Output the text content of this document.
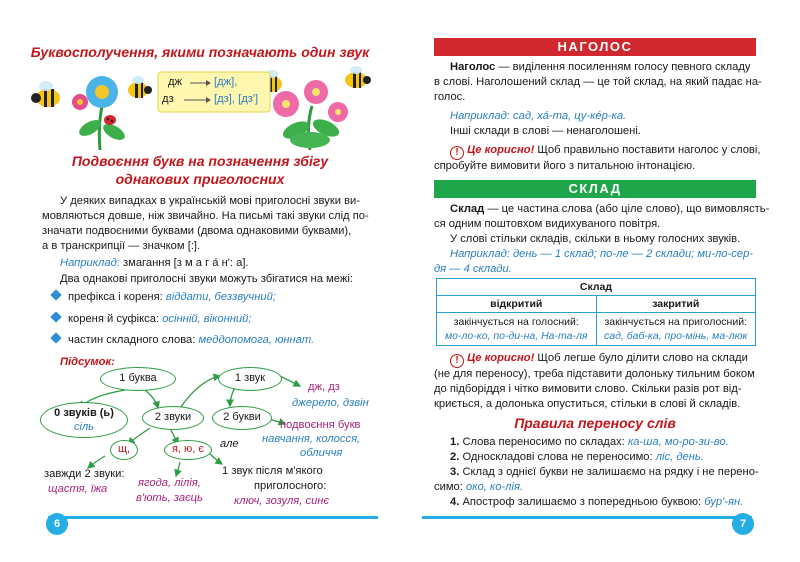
Буквосполучення, якими позначають один звук
дж	[дж],
дз	[дз], [дз']
Подвоєння букв на позначення збігу
однакових приголосних
У деяких випадках в українській мові приголосні звуки ви-
мовляються довше, ніж звичайно. На письмі такі звуки слід по-
значати подвоєними буквами (двома однаковими буквами),
а в транскрипції — значком [:].
Наприклад: змагання [з м а г а́ н': а].
Два однакові приголосні звуки можуть збігатися на межі:
префікса і кореня: віддати, беззвучний;
кореня й суфікса: осінній, віконний;
частин складного слова: меддопомога, юннат.
Підсумок:
1 буква	1 звук
дж, дз
джерело, дзвін
0 звуків (ь)
сіль
2 звуки	2 букви
подвоєння букв
навчання, колосся,
обличчя
щ,	я, ю, є	але
завжди 2 звуки:
щастя, їжа	ягода, лілія,
в'ють, заєць
1 звук після м'якого
приголосного:
ключ, зозуля, синє
6
НАГОЛОС
Наголос — виділення посиленням голосу певного складу
в слові. Наголошений склад — це той склад, на який падає на-
голос.
Наприклад: сад, ха́-та, цу-кéр-ка.
Інші склади в слові — ненаголошені.
! Це корисно! Щоб правильно поставити наголос у слові,
спробуйте вимовити його з питальною інтонацією.
СКЛАД
Склад — це частина слова (або ціле слово), що вимовлясть-
ся одним поштовхом видихуваного повітря.
У слові стільки складів, скільки в ньому голосних звуків.
Наприклад: день — 1 склад; по-ле — 2 склади; ми-ло-сер-
дя — 4 склади.
Склад	
відкритий	закритий
закінчується на голосний:
мо-ло-ко, по-ди-на, На-та-ля	закінчується на приголосний:
сад, баб-ка, про-мінь, ма-люк
! Це корисно! Щоб легше було ділити слово на склади
(не для переносу), треба підставити долоньку тильним боком
до підборіддя і чітко вимовити слово. Скільки разів рот від-
криється, а долонька опуститься, стільки в слові й складів.
Правила переносу слів
1. Слова переносимо по складах: ка-ша, мо-ро-зи-во.
2. Односкладові слова не переносимо: ліс, день.
3. Склад з однієї букви не залишаємо на рядку і не перено-
симо: око, ко-лія.
4. Апостроф залишаємо з попередньою буквою: бур'-ян.
7
